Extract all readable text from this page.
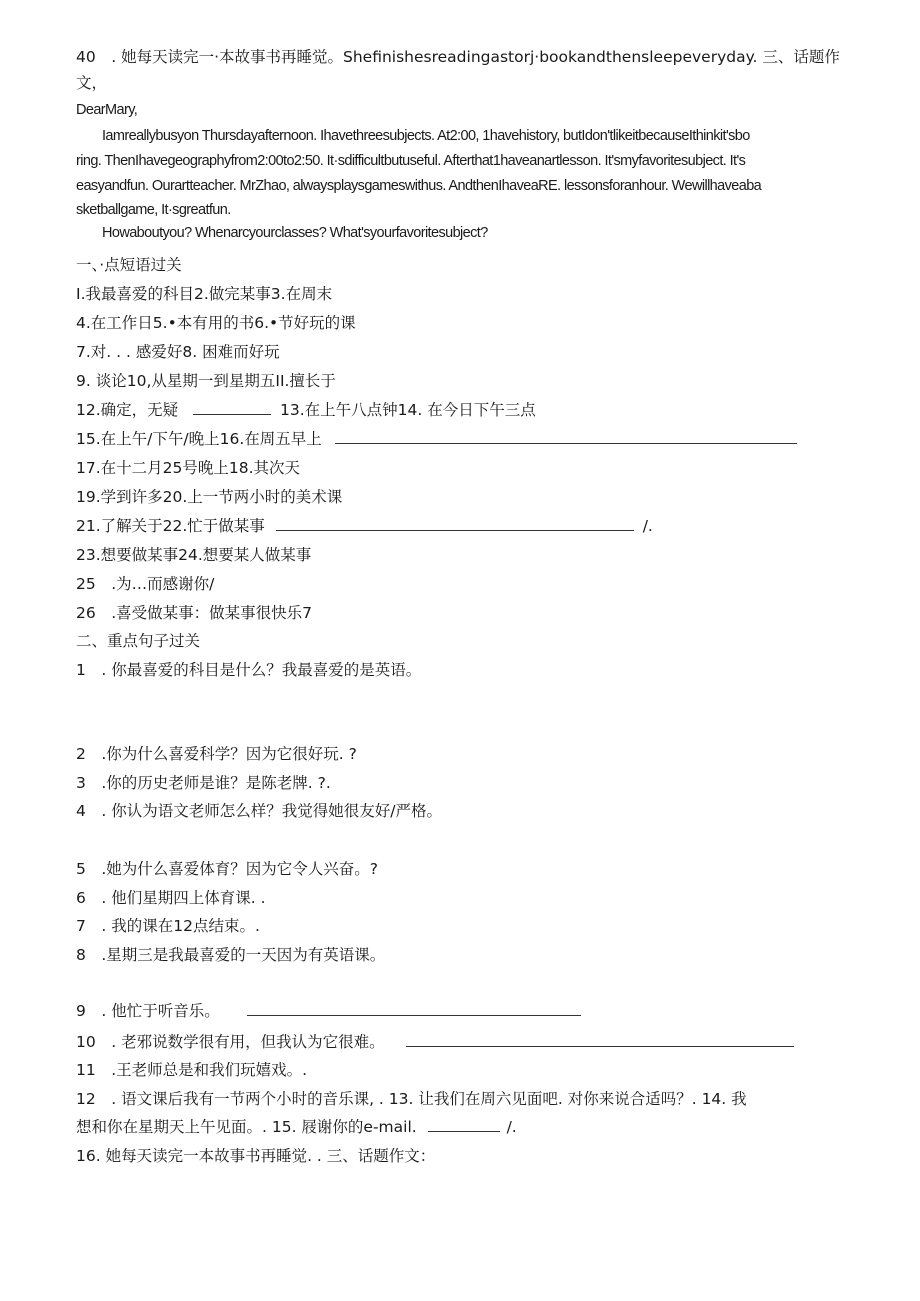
40　. 她每天读完一·本故事书再睡觉。Shefinishesreadingastorj·bookandthensleepeveryday. 三、话题作
文，
DearMary,
Iamreallybusyon Thursdayafternoon. Ihavethreesubjects. At2:00, 1havehistory, butIdon'tlikeitbecauseIthinkit'sbo
ring. ThenIhavegeographyfrom2:00to2:50. It·sdifficultbutuseful. Afterthat1haveanartlesson. It'smyfavoritesubject. It's
easyandfun. Ourartteacher. MrZhao, alwaysplaysgameswithus. AndthenIhaveaRE. lessonsforanhour. Wewillhaveaba
sketballgame, It·sgreatfun.
Howaboutyou? Whenarcyourclasses? What'syourfavoritesubject?
一、·点短语过关
I.我最喜爱的科目2.做完某事3.在周末
4.在工作日5.•本有用的书6.•节好玩的课
7.对. . . 感爱好8. 困难而好玩
9. 谈论10,从星期一到星期五II.擅长于
12.确定，无疑	13.在上午八点钟14. 在今日下午三点
15.在上午/下午/晚上16.在周五早上
17.在十二月25号晚上18.其次天
19.学到许多20.上一节两小时的美术课
21.了解关于22.忙于做某事	/.
23.想要做某事24.想要某人做某事
25　.为…而感谢你/
26　.喜受做某事：做某事很快乐7
二、重点句子过关
1　. 你最喜爱的科目是什么？我最喜爱的是英语。
2　.你为什么喜爱科学？因为它很好玩. ?
3　.你的历史老师是谁？是陈老牌. ?.
4　. 你认为语文老师怎么样？我觉得她很友好/严格。
5　.她为什么喜爱体育？因为它令人兴奋。?
6　. 他们星期四上体育课. .
7　. 我的课在12点结束。.
8　.星期三是我最喜爱的一天因为有英语课。
9　. 他忙于听音乐。
10　. 老邪说数学很有用，但我认为它很难。
11　.王老师总是和我们玩嬉戏。.
12　. 语文课后我有一节两个小时的音乐课, . 13. 让我们在周六见面吧. 对你来说合适吗？. 14. 我
想和你在星期天上午见面。. 15. 屐谢你的e-mail.	/.
16. 她每天读完一本故事书再睡觉. . 三、话题作文：
